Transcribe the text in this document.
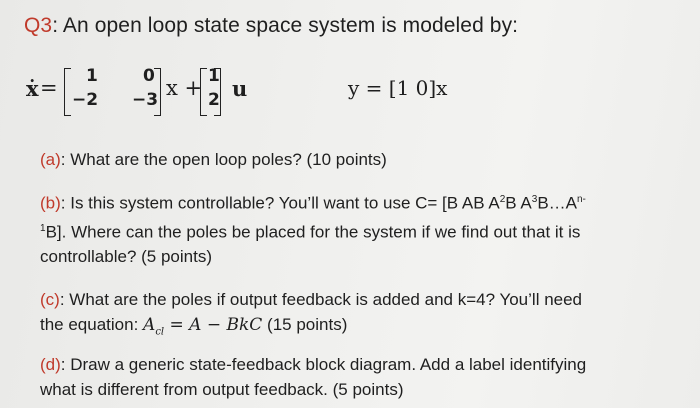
Q3: An open loop state space system is modeled by:
ẋ = 1	0
−2 −3 x + 1
2 u	y = [1 0]x
(a): What are the open loop poles? (10 points)
(b): Is this system controllable? You’ll want to use C= [B AB $A^2B$ $A^3B\dots A^{n-}$
$^1$B]. Where can the poles be placed for the system if we find out that it is
controllable? (5 points)
(c): What are the poles if output feedback is added and k=4? You’ll need
the equation: $A_{cl} = A$ − BkC (15 points)
(d): Draw a generic state-feedback block diagram. Add a label identifying
what is different from output feedback. (5 points)
